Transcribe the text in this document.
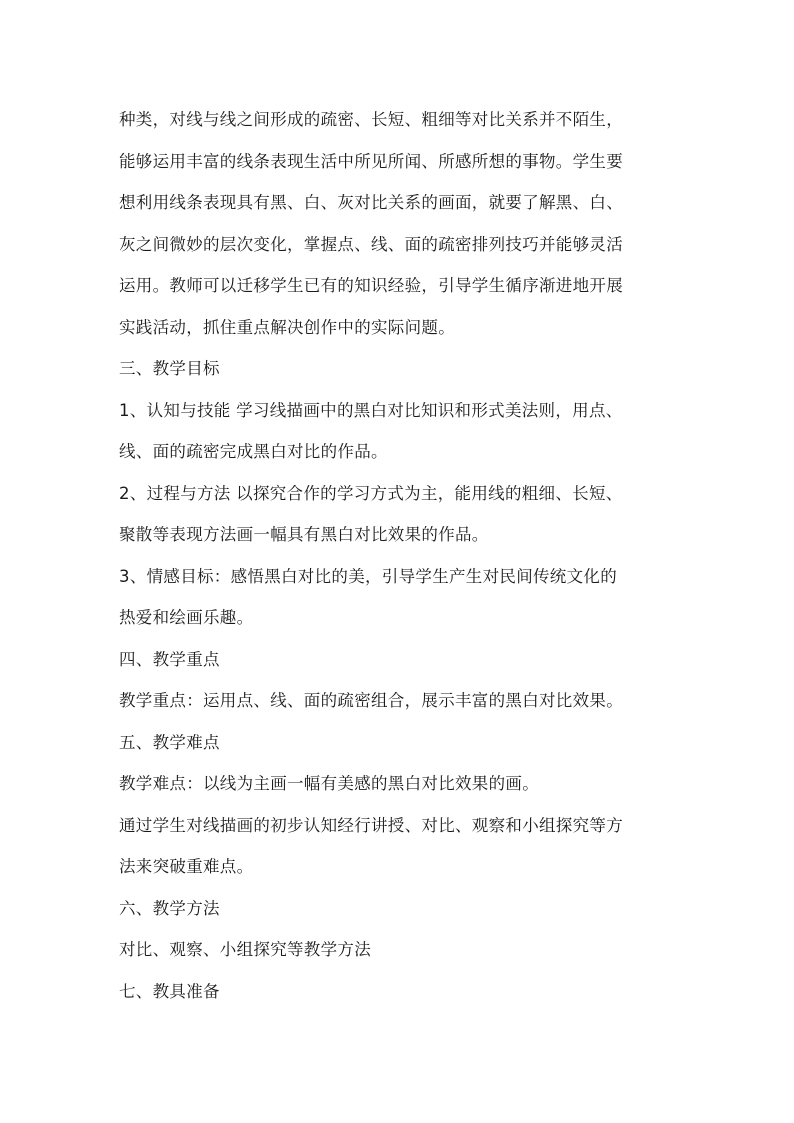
种类，对线与线之间形成的疏密、长短、粗细等对比关系并不陌生，
能够运用丰富的线条表现生活中所见所闻、所感所想的事物。学生要
想利用线条表现具有黑、白、灰对比关系的画面，就要了解黑、白、
灰之间微妙的层次变化，掌握点、线、面的疏密排列技巧并能够灵活
运用。教师可以迁移学生已有的知识经验，引导学生循序渐进地开展
实践活动，抓住重点解决创作中的实际问题。
三、教学目标
1、认知与技能 学习线描画中的黑白对比知识和形式美法则，用点、
线、面的疏密完成黑白对比的作品。
2、过程与方法 以探究合作的学习方式为主，能用线的粗细、长短、
聚散等表现方法画一幅具有黑白对比效果的作品。
3、情感目标：感悟黑白对比的美，引导学生产生对民间传统文化的
热爱和绘画乐趣。
四、教学重点
教学重点：运用点、线、面的疏密组合，展示丰富的黑白对比效果。
五、教学难点
教学难点：以线为主画一幅有美感的黑白对比效果的画。
通过学生对线描画的初步认知经行讲授、对比、观察和小组探究等方
法来突破重难点。
六、教学方法
对比、观察、小组探究等教学方法
七、教具准备
